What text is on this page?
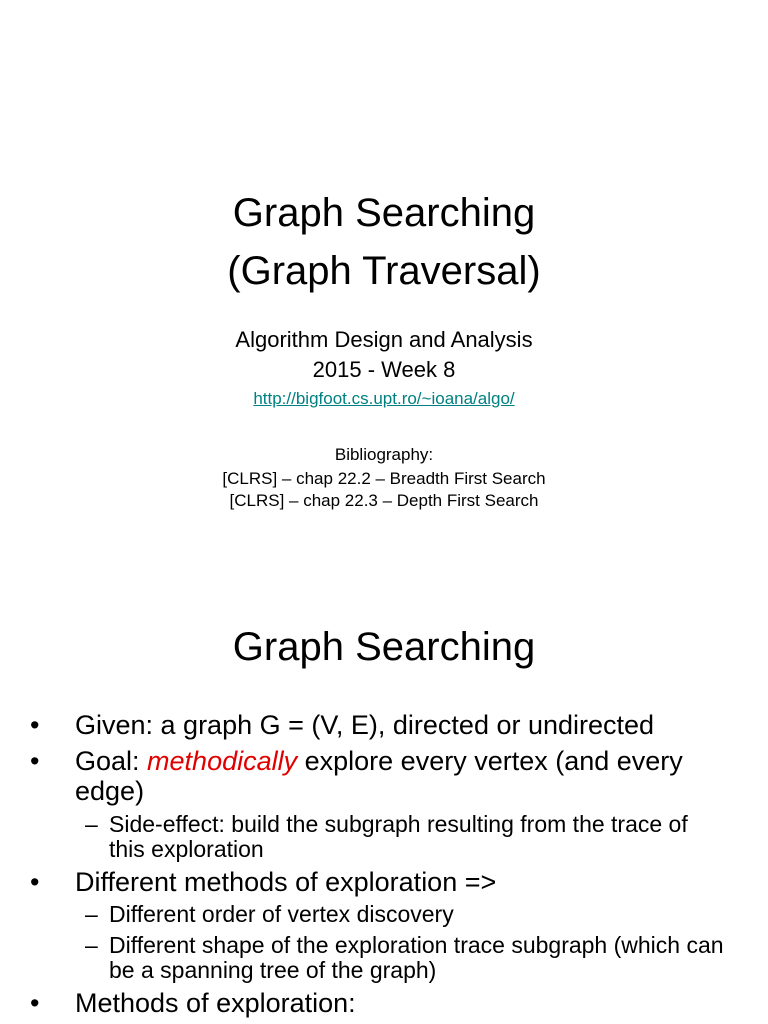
Graph Searching
(Graph Traversal)
Algorithm Design and Analysis
2015 - Week 8
http://bigfoot.cs.upt.ro/~ioana/algo/
Bibliography:
[CLRS] – chap 22.2 – Breadth First Search
[CLRS] – chap 22.3 – Depth First Search
Graph Searching
•	Given: a graph G = (V, E), directed or undirected
•	Goal: methodically explore every vertex (and every edge)
– Side-effect: build the subgraph resulting from the trace of this exploration
•	Different methods of exploration =>
– Different order of vertex discovery
– Different shape of the exploration trace subgraph (which can be a spanning tree of the graph)
•	Methods of exploration:
